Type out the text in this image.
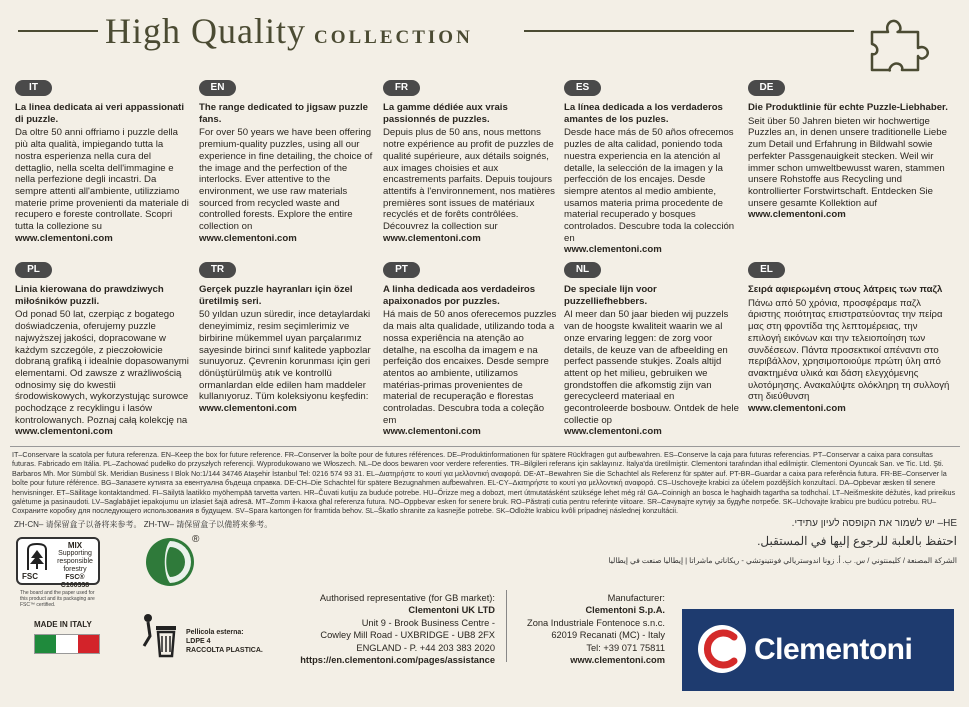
High Quality COLLECTION
IT
La linea dedicata ai veri appassionati di puzzle.
Da oltre 50 anni offriamo i puzzle della più alta qualità, impiegando tutta la nostra esperienza nella cura del dettaglio, nella scelta dell'immagine e nella perfezione degli incastri. Da sempre attenti all'ambiente, utilizziamo materie prime provenienti da materiale di recupero e foreste controllate. Scopri tutta la collezione su
www.clementoni.com
EN
The range dedicated to jigsaw puzzle fans.
For over 50 years we have been offering premium-quality puzzles, using all our experience in fine detailing, the choice of the image and the perfection of the interlocks. Ever attentive to the environment, we use raw materials sourced from recycled waste and controlled forests. Explore the entire collection on
www.clementoni.com
FR
La gamme dédiée aux vrais passionnés de puzzles.
Depuis plus de 50 ans, nous mettons notre expérience au profit de puzzles de qualité supérieure, aux détails soignés, aux images choisies et aux encastrements parfaits. Depuis toujours attentifs à l'environnement, nos matières premières sont issues de matériaux recyclés et de forêts contrôlées. Découvrez la collection sur
www.clementoni.com
ES
La línea dedicada a los verdaderos amantes de los puzles.
Desde hace más de 50 años ofrecemos puzles de alta calidad, poniendo toda nuestra experiencia en la atención al detalle, la selección de la imagen y la perfección de los encajes. Desde siempre atentos al medio ambiente, usamos materia prima procedente de material recuperado y bosques controlados. Descubre toda la colección en
www.clementoni.com
DE
Die Produktlinie für echte Puzzle-Liebhaber.
Seit über 50 Jahren bieten wir hochwertige Puzzles an, in denen unsere traditionelle Liebe zum Detail und Erfahrung in Bildwahl sowie perfekter Passgenauigkeit stecken. Weil wir immer schon umweltbewusst waren, stammen unsere Rohstoffe aus Recycling und kontrollierter Forstwirtschaft. Entdecken Sie unsere gesamte Kollektion auf
www.clementoni.com
PL
Linia kierowana do prawdziwych miłośników puzzli.
Od ponad 50 lat, czerpiąc z bogatego doświadczenia, oferujemy puzzle najwyższej jakości, dopracowane w każdym szczególe, z pieczołowicie dobraną grafiką i idealnie dopasowanymi elementami. Od zawsze z wrażliwością odnosimy się do kwestii środowiskowych, wykorzystując surowce pochodzące z recyklingu i lasów kontrolowanych. Poznaj całą kolekcję na
www.clementoni.com
TR
Gerçek puzzle hayranları için özel üretilmiş seri.
50 yıldan uzun süredir, ince detaylardaki deneyimimiz, resim seçimlerimiz ve birbirine mükemmel uyan parçalarımız sayesinde birinci sınıf kalitede yapbozlar sunuyoruz. Çevrenin korunması için geri dönüştürülmüş atık ve kontrollü ormanlardan elde edilen ham maddeler kullanıyoruz. Tüm koleksiyonu keşfedin:
www.clementoni.com
PT
A linha dedicada aos verdadeiros apaixonados por puzzles.
Há mais de 50 anos oferecemos puzzles da mais alta qualidade, utilizando toda a nossa experiência na atenção ao detalhe, na escolha da imagem e na perfeição dos encaixes. Desde sempre atentos ao ambiente, utilizamos matérias-primas provenientes de material de recuperação e florestas controladas. Descubra toda a coleção em
www.clementoni.com
NL
De speciale lijn voor puzzelliefhebbers.
Al meer dan 50 jaar bieden wij puzzels van de hoogste kwaliteit waarin we al onze ervaring leggen: de zorg voor details, de keuze van de afbeelding en perfect passende stukjes. Zoals altijd attent op het milieu, gebruiken we grondstoffen die afkomstig zijn van gerecycleerd materiaal en gecontroleerde bosbouw. Ontdek de hele collectie op
www.clementoni.com
EL
Σειρά αφιερωμένη στους λάτρεις των παζλ
Πάνω από 50 χρόνια, προσφέραμε παζλ άριστης ποιότητας επιστρατεύοντας την πείρα μας στη φροντίδα της λεπτομέρειας, την επιλογή εικόνων και την τελειοποίηση των συνδέσεων. Πάντα προσεκτικοί απέναντι στο περιβάλλον, χρησιμοποιούμε πρώτη ύλη από ανακτημένα υλικά και δάση ελεγχόμενης υλοτόμησης. Ανακαλύψτε ολόκληρη τη συλλογή στη διεύθυνση
www.clementoni.com
IT–Conservare la scatola per futura referenza. EN–Keep the box for future reference. FR–Conserver la boîte pour de futures références. DE–Produktinformationen für spätere Rückfragen gut aufbewahren. ES–Conserve la caja para futuras referencias. PT–Conservar a caixa para consultas futuras. Fabricado em Itália. PL–Zachować pudełko do przyszłych referencji. Wyprodukowano we Włoszech. NL–De doos bewaren voor verdere referenties. TR–Bilgileri referans için saklayınız. İtalya'da üretilmiştir. Clementoni tarafından ithal edilmiştir. Clementoni Oyuncak San. ve Tic. Ltd. Şti. Barbaros Mh. Mor Sümbül Sk. Meridian Business I Blok No:1/144 34746 Ataşehir İstanbul Tel: 0216 574 93 31. EL–Διατηρήστε το κουτί για μελλοντική αναφορά. DE-AT–Bewahren Sie die Schachtel als Referenz für später auf. PT-BR–Guardar a caixa para referência futura. FR-BE–Conserver la boîte pour future référence. BG–Запазете кутията за евентуална бъдеща справка. DE-CH–Die Schachtel für spätere Bezugnahmen aufbewahren. EL-CY–Διατηρήστε το κουτί για μελλοντική αναφορά. CS–Uschovejte krabici za účelem pozdějších konzultací. DA–Opbevar æsken til senere henvisninger. ET–Säilitage kontaktandmed. FI–Säilytä laatikko myöhempää tarvetta varten. HR–Čuvati kutiju za buduće potrebe. HU–Őrizze meg a dobozt, mert útmutatásként szüksége lehet még rá! GA–Coinnigh an bosca le haghaidh tagartha sa todhchaí. LT–Neišmeskite dėžutės, kad prireikus galėtume ja pasinaudoti. LV–Saglabājiet iepakojumu un izlasiet šajā adresā. MT–Żomm il-kaxxa għal referenza futura. NO–Oppbevar esken for senere bruk. RO–Păstrați cutia pentru referințe viitoare. SR–Сачувајте кутију за будуће потребе. SK–Uchovajte krabicu pre budúcu potrebu. RU–Сохраните коробку для последующего использования в будущем. SV–Spara kartongen för framtida behov. SL–Škatlo shranite za kasnejše potrebe. SK–Odložte krabicu kvôli prípadnej následnej konzultácii.
ZH-CN– 请保留盒子以备将来参考。 ZH-TW– 請保留盒子以備將來參考。	HE– יש לשמור את הקופסה לעיון עתידי.
احتفظ بالعلبة للرجوع إليها في المستقبل.
الشركة المصنعة / كليمنتوني / س. ب. أ. زونا اندوستريالي فونتينوتشي - ريكاناتي ماشراتا | إيطاليا صنعت في إيطاليا
FSC
MIX
Supporting
responsible forestry
FSC® C160338
The board and the paper used for this product and its packaging are FSC™ certified.
®
MADE IN ITALY
Pellicola esterna:
LDPE 4
RACCOLTA PLASTICA.
Authorised representative (for GB market):
Clementoni UK LTD
Unit 9 - Brook Business Centre -
Cowley Mill Road - UXBRIDGE - UB8 2FX
ENGLAND - P. +44 203 383 2020
https://en.clementoni.com/pages/assistance
Manufacturer:
Clementoni S.p.A.
Zona Industriale Fontenoce s.n.c.
62019 Recanati (MC) - Italy
Tel: +39 071 75811
www.clementoni.com	Clementoni
